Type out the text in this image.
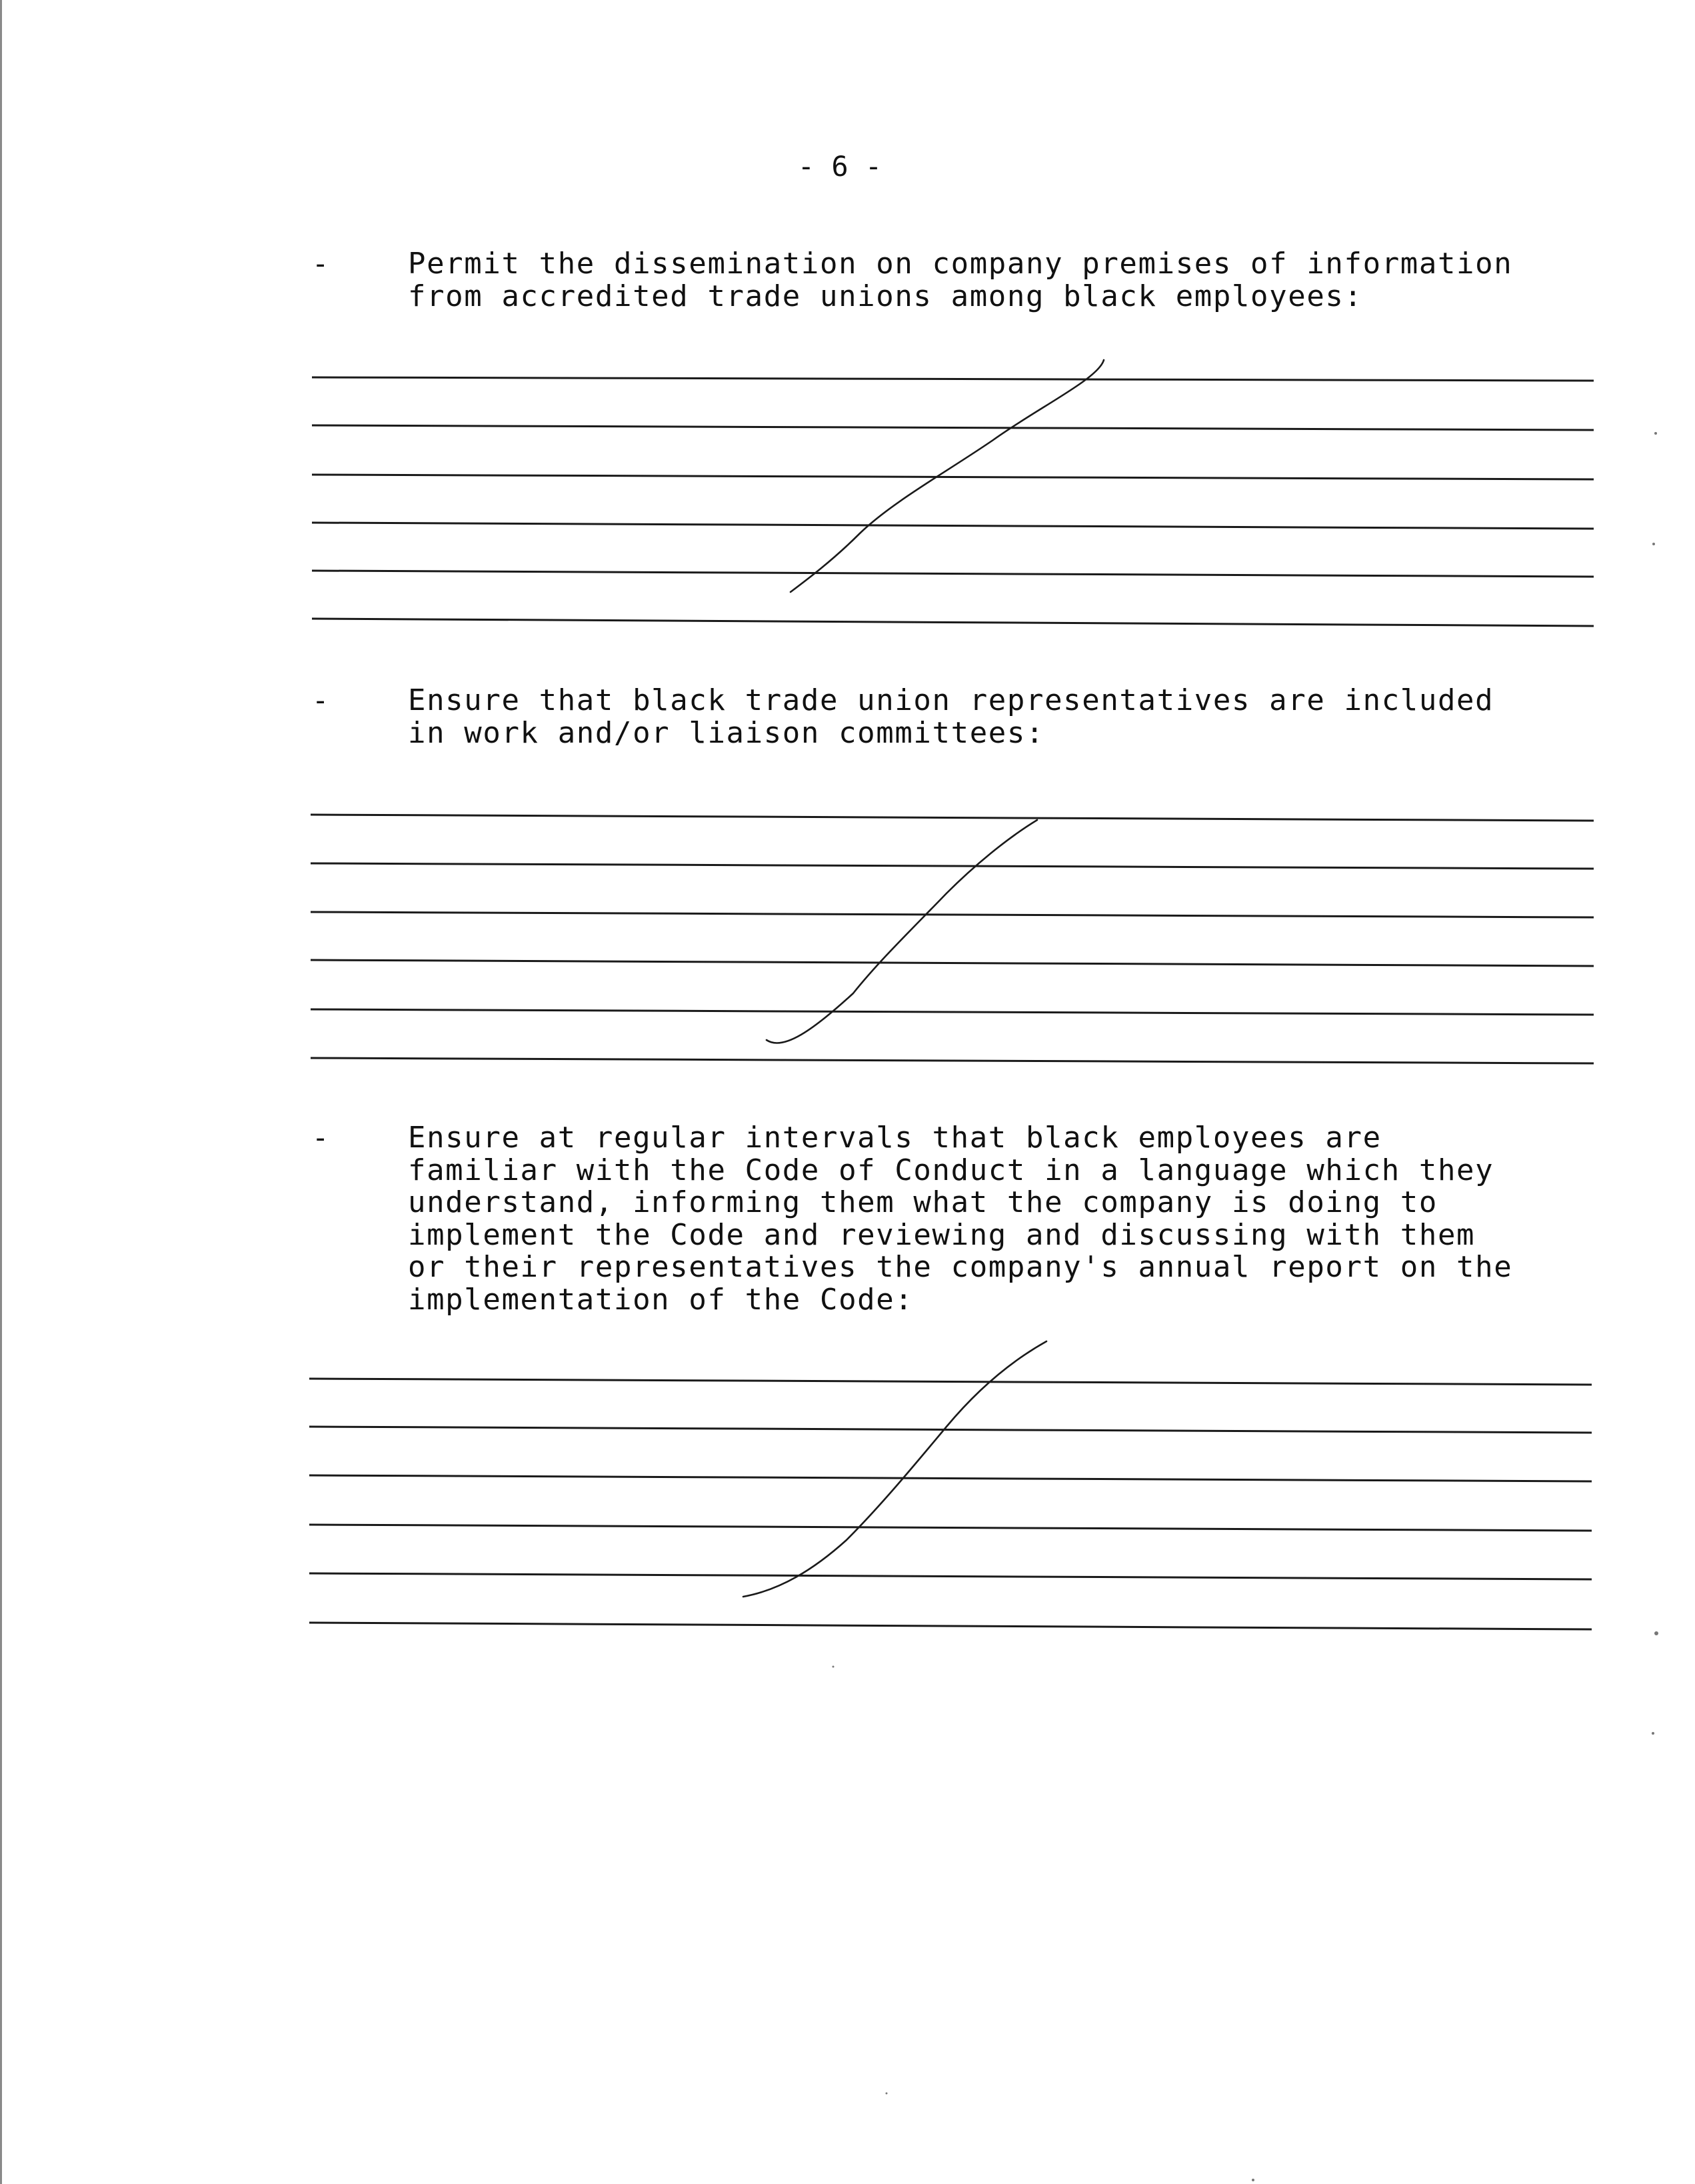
- 6 -
-	Permit the dissemination on company premises of information
from accredited trade unions among black employees:
-	Ensure that black trade union representatives are included
in work and/or liaison committees:
-	Ensure at regular intervals that black employees are
familiar with the Code of Conduct in a language which they
understand, informing them what the company is doing to
implement the Code and reviewing and discussing with them
or their representatives the company's annual report on the
implementation of the Code:
